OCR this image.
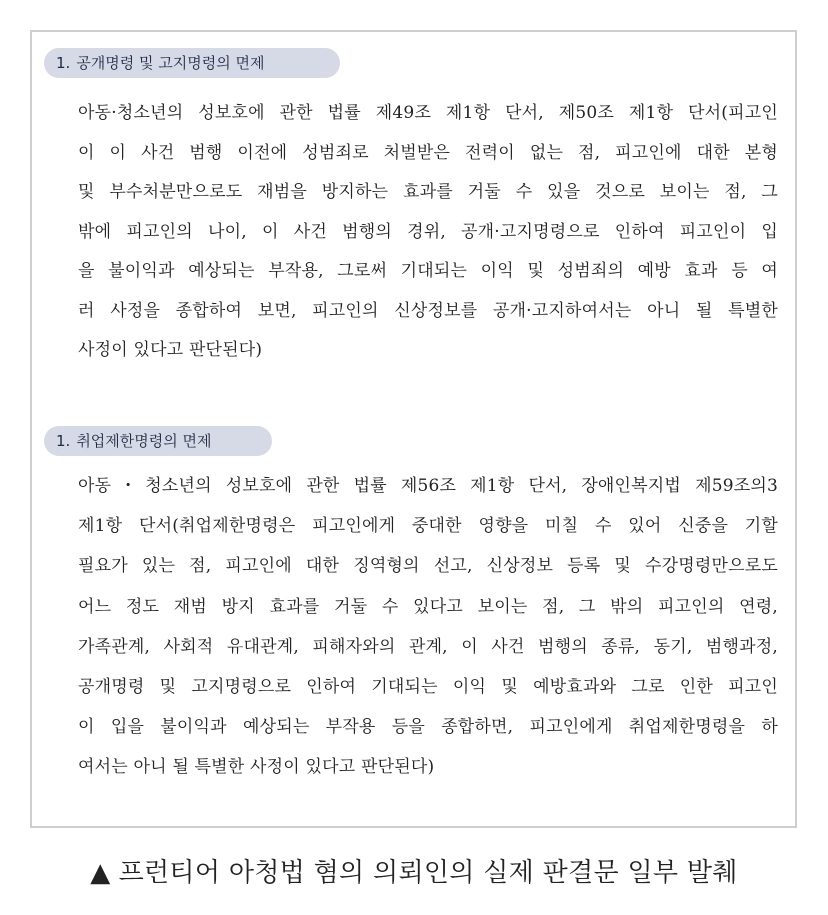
1. 공개명령 및 고지명령의 면제
아동·청소년의 성보호에 관한 법률 제49조 제1항 단서, 제50조 제1항 단서(피고인
이 이 사건 범행 이전에 성범죄로 처벌받은 전력이 없는 점, 피고인에 대한 본형
및 부수처분만으로도 재범을 방지하는 효과를 거둘 수 있을 것으로 보이는 점, 그
밖에 피고인의 나이, 이 사건 범행의 경위, 공개·고지명령으로 인하여 피고인이 입
을 불이익과 예상되는 부작용, 그로써 기대되는 이익 및 성범죄의 예방 효과 등 여
러 사정을 종합하여 보면, 피고인의 신상정보를 공개·고지하여서는 아니 될 특별한
사정이 있다고 판단된다)
1. 취업제한명령의 면제
아동・청소년의 성보호에 관한 법률 제56조 제1항 단서, 장애인복지법 제59조의3
제1항 단서(취업제한명령은 피고인에게 중대한 영향을 미칠 수 있어 신중을 기할
필요가 있는 점, 피고인에 대한 징역형의 선고, 신상정보 등록 및 수강명령만으로도
어느 정도 재범 방지 효과를 거둘 수 있다고 보이는 점, 그 밖의 피고인의 연령,
가족관계, 사회적 유대관계, 피해자와의 관계, 이 사건 범행의 종류, 동기, 범행과정,
공개명령 및 고지명령으로 인하여 기대되는 이익 및 예방효과와 그로 인한 피고인
이 입을 불이익과 예상되는 부작용 등을 종합하면, 피고인에게 취업제한명령을 하
여서는 아니 될 특별한 사정이 있다고 판단된다)
▲ 프런티어 아청법 혐의 의뢰인의 실제 판결문 일부 발췌
